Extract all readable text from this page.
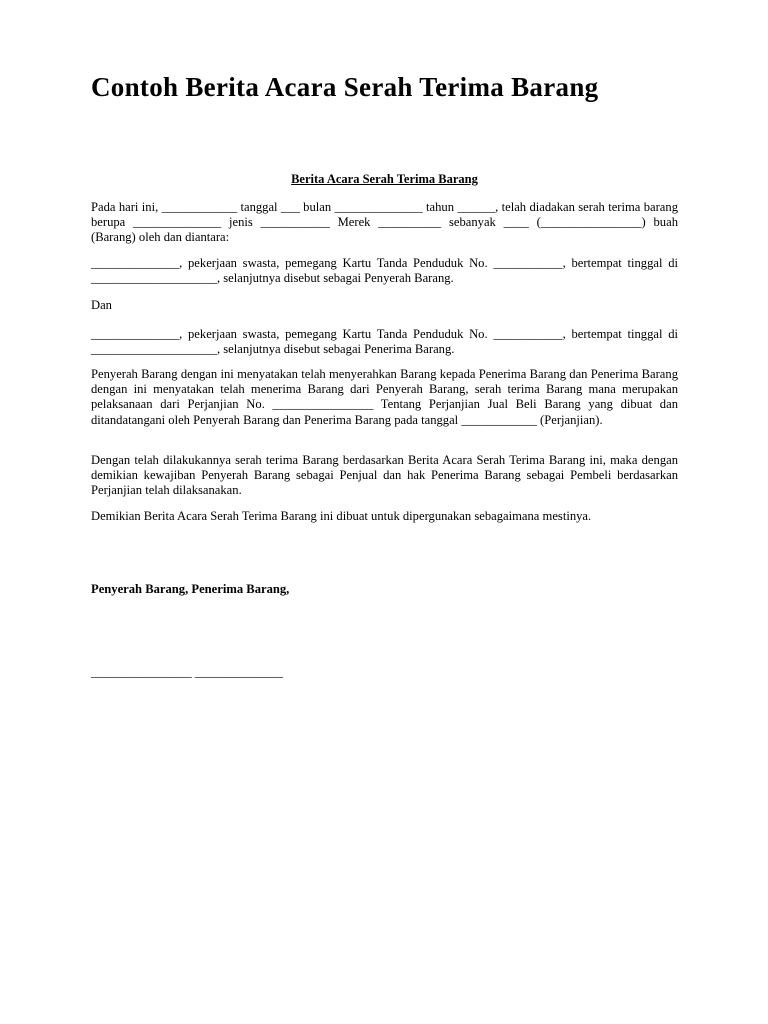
Contoh Berita Acara Serah Terima Barang

Berita Acara Serah Terima Barang

Pada hari ini, ____________ tanggal ___ bulan ______________ tahun ______, telah diadakan serah terima barang berupa ______________ jenis ___________ Merek __________ sebanyak ____ (________________) buah (Barang) oleh dan diantara:

______________, pekerjaan swasta, pemegang Kartu Tanda Penduduk No. ___________, bertempat tinggal di ____________________, selanjutnya disebut sebagai Penyerah Barang.

Dan

______________, pekerjaan swasta, pemegang Kartu Tanda Penduduk No. ___________, bertempat tinggal di ____________________, selanjutnya disebut sebagai Penerima Barang.

Penyerah Barang dengan ini menyatakan telah menyerahkan Barang kepada Penerima Barang dan Penerima Barang dengan ini menyatakan telah menerima Barang dari Penyerah Barang, serah terima Barang mana merupakan pelaksanaan dari Perjanjian No. ________________ Tentang Perjanjian Jual Beli Barang yang dibuat dan ditandatangani oleh Penyerah Barang dan Penerima Barang pada tanggal ____________ (Perjanjian).

Dengan telah dilakukannya serah terima Barang berdasarkan Berita Acara Serah Terima Barang ini, maka dengan demikian kewajiban Penyerah Barang sebagai Penjual dan hak Penerima Barang sebagai Pembeli berdasarkan Perjanjian telah dilaksanakan.

Demikian Berita Acara Serah Terima Barang ini dibuat untuk dipergunakan sebagaimana mestinya.

Penyerah Barang, Penerima Barang,

________________ ______________
